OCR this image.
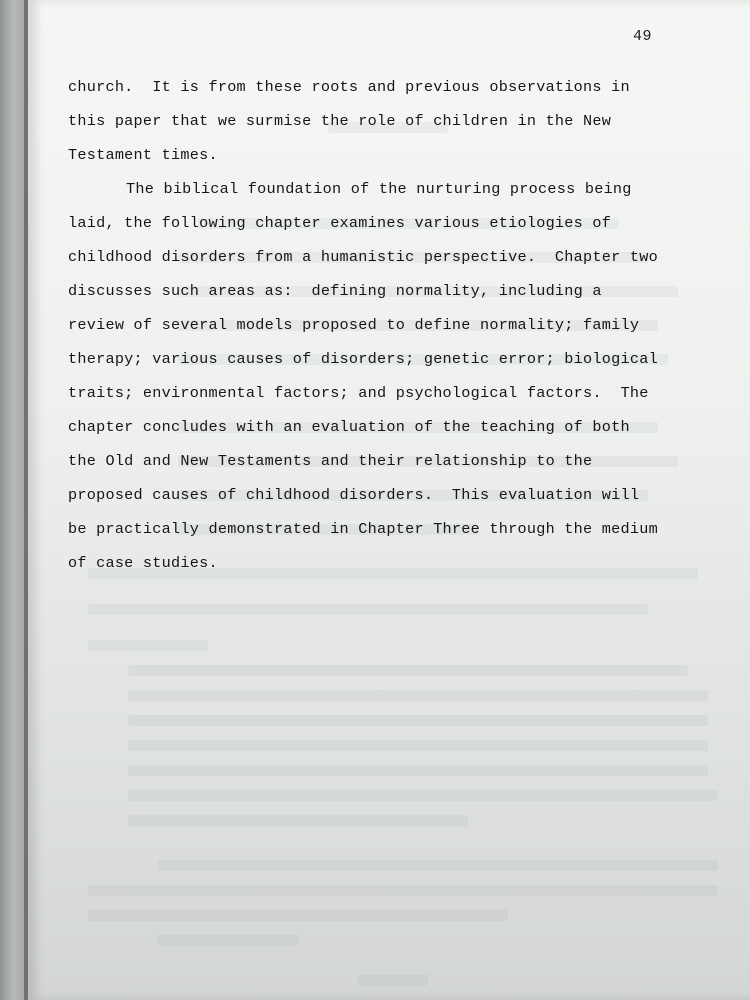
49
church.  It is from these roots and previous observations in
this paper that we surmise the role of children in the New
Testament times.
The biblical foundation of the nurturing process being
laid, the following chapter examines various etiologies of
childhood disorders from a humanistic perspective.  Chapter two
discusses such areas as:  defining normality, including a
review of several models proposed to define normality; family
therapy; various causes of disorders; genetic error; biological
traits; environmental factors; and psychological factors.  The
chapter concludes with an evaluation of the teaching of both
the Old and New Testaments and their relationship to the
proposed causes of childhood disorders.  This evaluation will
be practically demonstrated in Chapter Three through the medium
of case studies.
